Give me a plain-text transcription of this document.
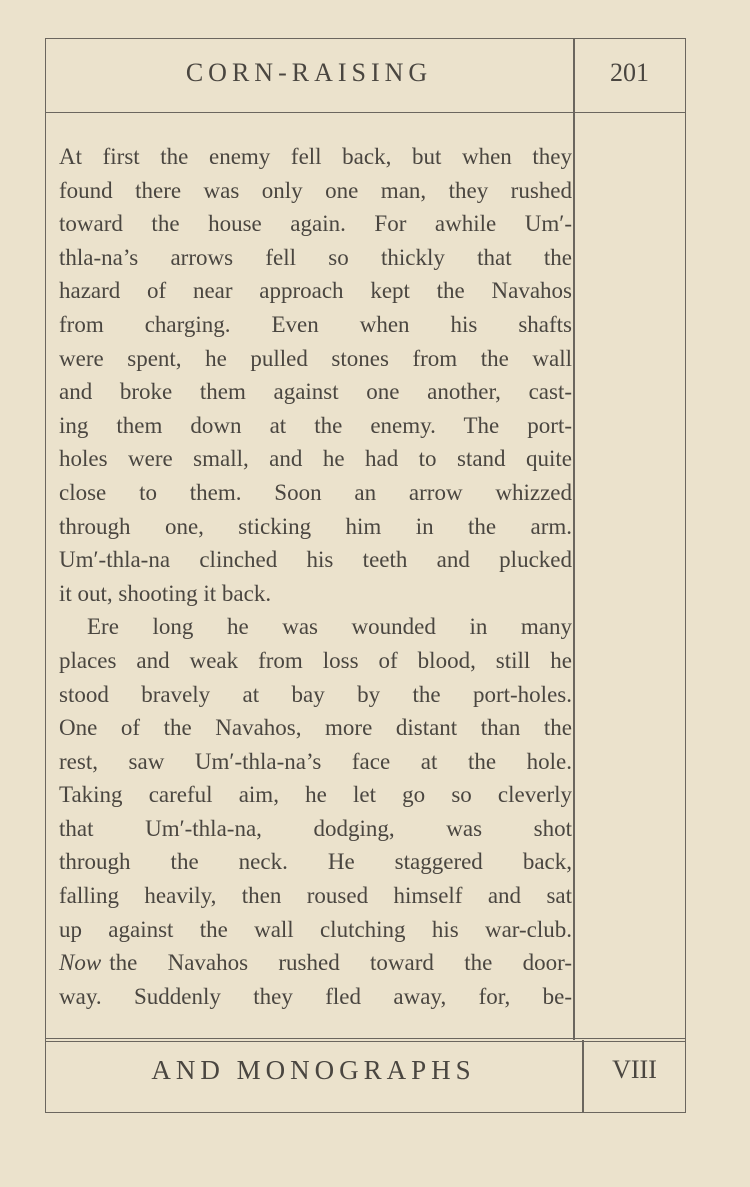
CORN-RAISING	201
AND MONOGRAPHS	VIII
At first the enemy fell back, but when they
found there was only one man, they rushed
toward the house again. For awhile Um′-
thla-na’s arrows fell so thickly that the
hazard of near approach kept the Navahos
from charging. Even when his shafts
were spent, he pulled stones from the wall
and broke them against one another, cast-
ing them down at the enemy. The port-
holes were small, and he had to stand quite
close to them. Soon an arrow whizzed
through one, sticking him in the arm.
Um′-thla-na clinched his teeth and plucked
it out, shooting it back.
Ere long he was wounded in many
places and weak from loss of blood, still he
stood bravely at bay by the port-holes.
One of the Navahos, more distant than the
rest, saw Um′-thla-na’s face at the hole.
Taking careful aim, he let go so cleverly
that Um′-thla-na, dodging, was shot
through the neck. He staggered back,
falling heavily, then roused himself and sat
up against the wall clutching his war-club.
Now the Navahos rushed toward the door-
way. Suddenly they fled away, for, be-
